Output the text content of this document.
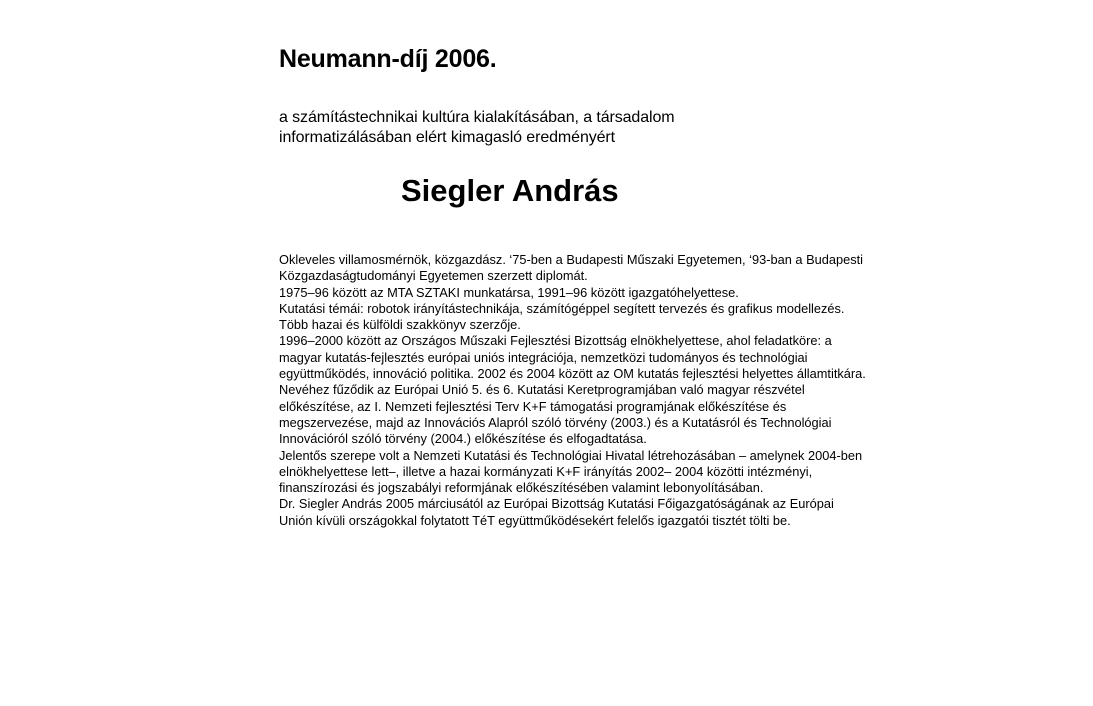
Neumann-díj 2006.

a számítástechnikai kultúra kialakításában, a társadalom informatizálásában elért kimagasló eredményért

Siegler András

Okleveles villamosmérnök, közgazdász. ‘75-ben a Budapesti Műszaki Egyetemen, ‘93-ban a Budapesti Közgazdaságtudományi Egyetemen szerzett diplomát.

1975–96 között az MTA SZTAKI munkatársa, 1991–96 között igazgatóhelyettese.

Kutatási témái: robotok irányítástechnikája, számítógéppel segített tervezés és grafikus modellezés. Több hazai és külföldi szakkönyv szerzője.

1996–2000 között az Országos Műszaki Fejlesztési Bizottság elnökhelyettese, ahol feladatköre: a magyar kutatás-fejlesztés európai uniós integrációja, nemzetközi tudományos és technológiai együttműködés, innováció politika. 2002 és 2004 között az OM kutatás fejlesztési helyettes államtitkára.

Nevéhez fűződik az Európai Unió 5. és 6. Kutatási Keretprogramjában való magyar részvétel előkészítése, az I. Nemzeti fejlesztési Terv K+F támogatási programjának előkészítése és megszervezése, majd az Innovációs Alapról szóló törvény (2003.) és a Kutatásról és Technológiai Innovációról szóló törvény (2004.) előkészítése és elfogadtatása.

Jelentős szerepe volt a Nemzeti Kutatási és Technológiai Hivatal létrehozásában – amelynek 2004-ben elnökhelyettese lett–, illetve a hazai kormányzati K+F irányítás 2002– 2004 közötti intézményi, finanszírozási és jogszabályi reformjának előkészítésében valamint lebonyolításában.

Dr. Siegler András 2005 márciusától az Európai Bizottság Kutatási Főigazgatóságának az Európai Unión kívüli országokkal folytatott TéT együttműködésekért felelős igazgatói tisztét tölti be.
